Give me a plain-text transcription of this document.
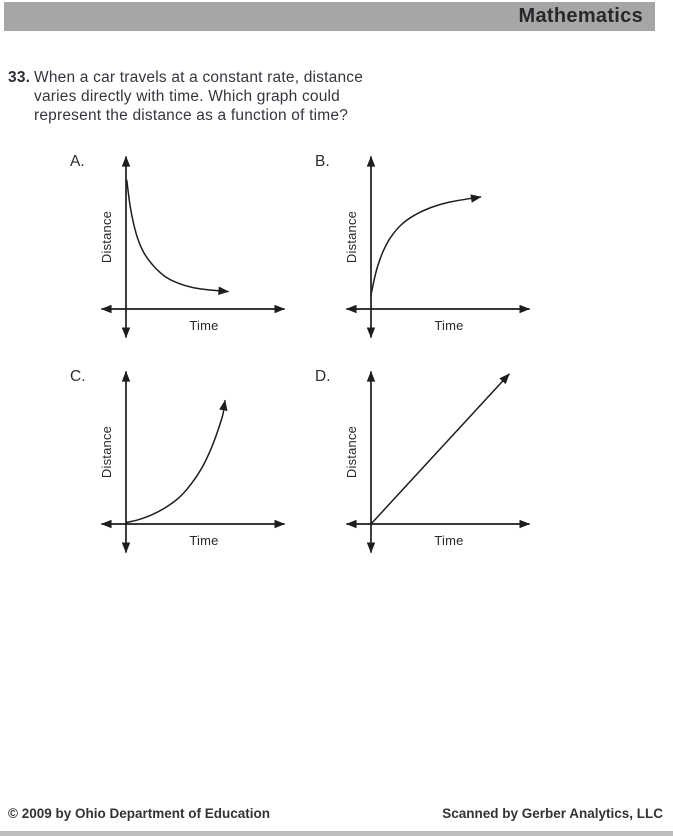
Mathematics
33. When a car travels at a constant rate, distance
varies directly with time. Which graph could
represent the distance as a function of time?
A.
Distance
Time
B.
Distance
Time
C.
Distance
Time
D.
Distance
Time
© 2009 by Ohio Department of Education	Scanned by Gerber Analytics, LLC
